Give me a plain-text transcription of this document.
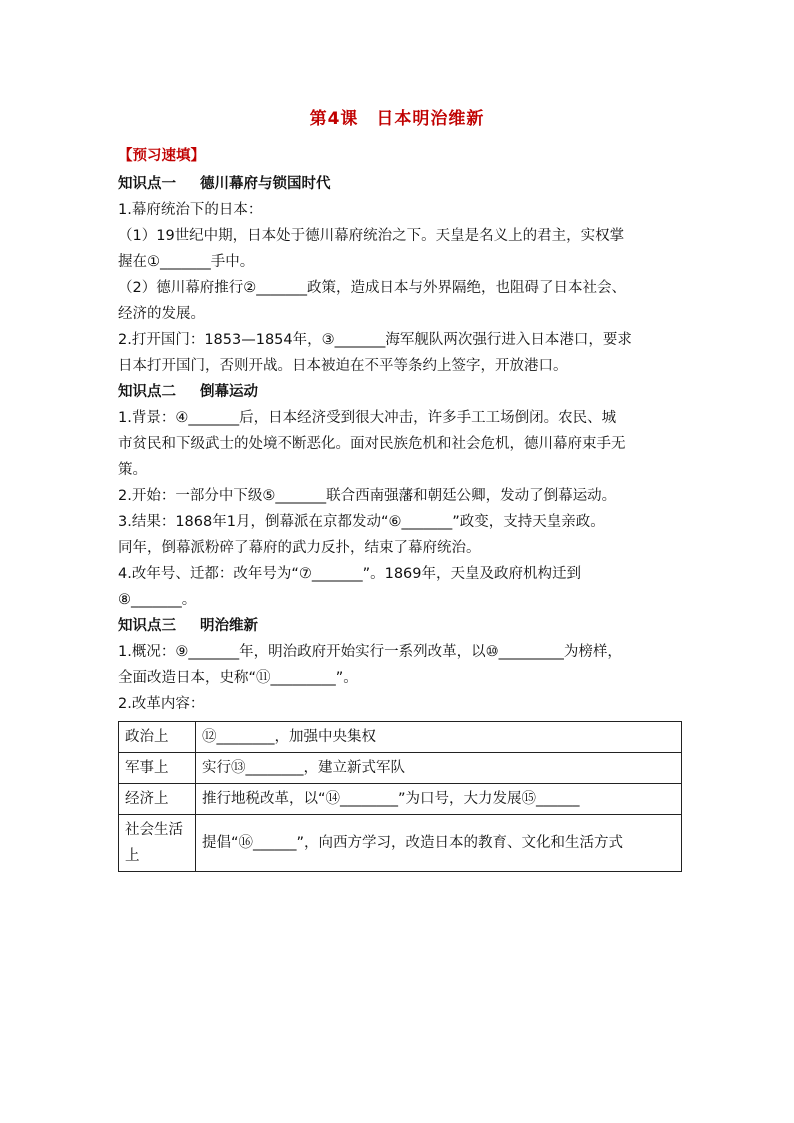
第4课　日本明治维新
【预习速填】
知识点一 德川幕府与锁国时代

1.幕府统治下的日本：

（1）19世纪中期，日本处于德川幕府统治之下。天皇是名义上的君主，实权掌

握在①_______手中。

（2）德川幕府推行②_______政策，造成日本与外界隔绝，也阻碍了日本社会、

经济的发展。

2.打开国门：1853—1854年，③_______海军舰队两次强行进入日本港口，要求

日本打开国门，否则开战。日本被迫在不平等条约上签字，开放港口。

知识点二 倒幕运动

1.背景：④_______后，日本经济受到很大冲击，许多手工工场倒闭。农民、城

市贫民和下级武士的处境不断恶化。面对民族危机和社会危机，德川幕府束手无

策。

2.开始：一部分中下级⑤_______联合西南强藩和朝廷公卿，发动了倒幕运动。

3.结果：1868年1月，倒幕派在京都发动“⑥_______”政变，支持天皇亲政。

同年，倒幕派粉碎了幕府的武力反扑，结束了幕府统治。

4.改年号、迁都：改年号为“⑦_______”。1869年，天皇及政府机构迁到

⑧_______。

知识点三 明治维新

1.概况：⑨_______年，明治政府开始实行一系列改革，以⑩_________为榜样，

全面改造日本，史称“⑪_________”。

2.改革内容：

政治上	⑫________，加强中央集权
军事上	实行⑬________，建立新式军队
经济上	推行地税改革，以“⑭________”为口号，大力发展⑮______
社会生活上	提倡“⑯______”，向西方学习，改造日本的教育、文化和生活方式
